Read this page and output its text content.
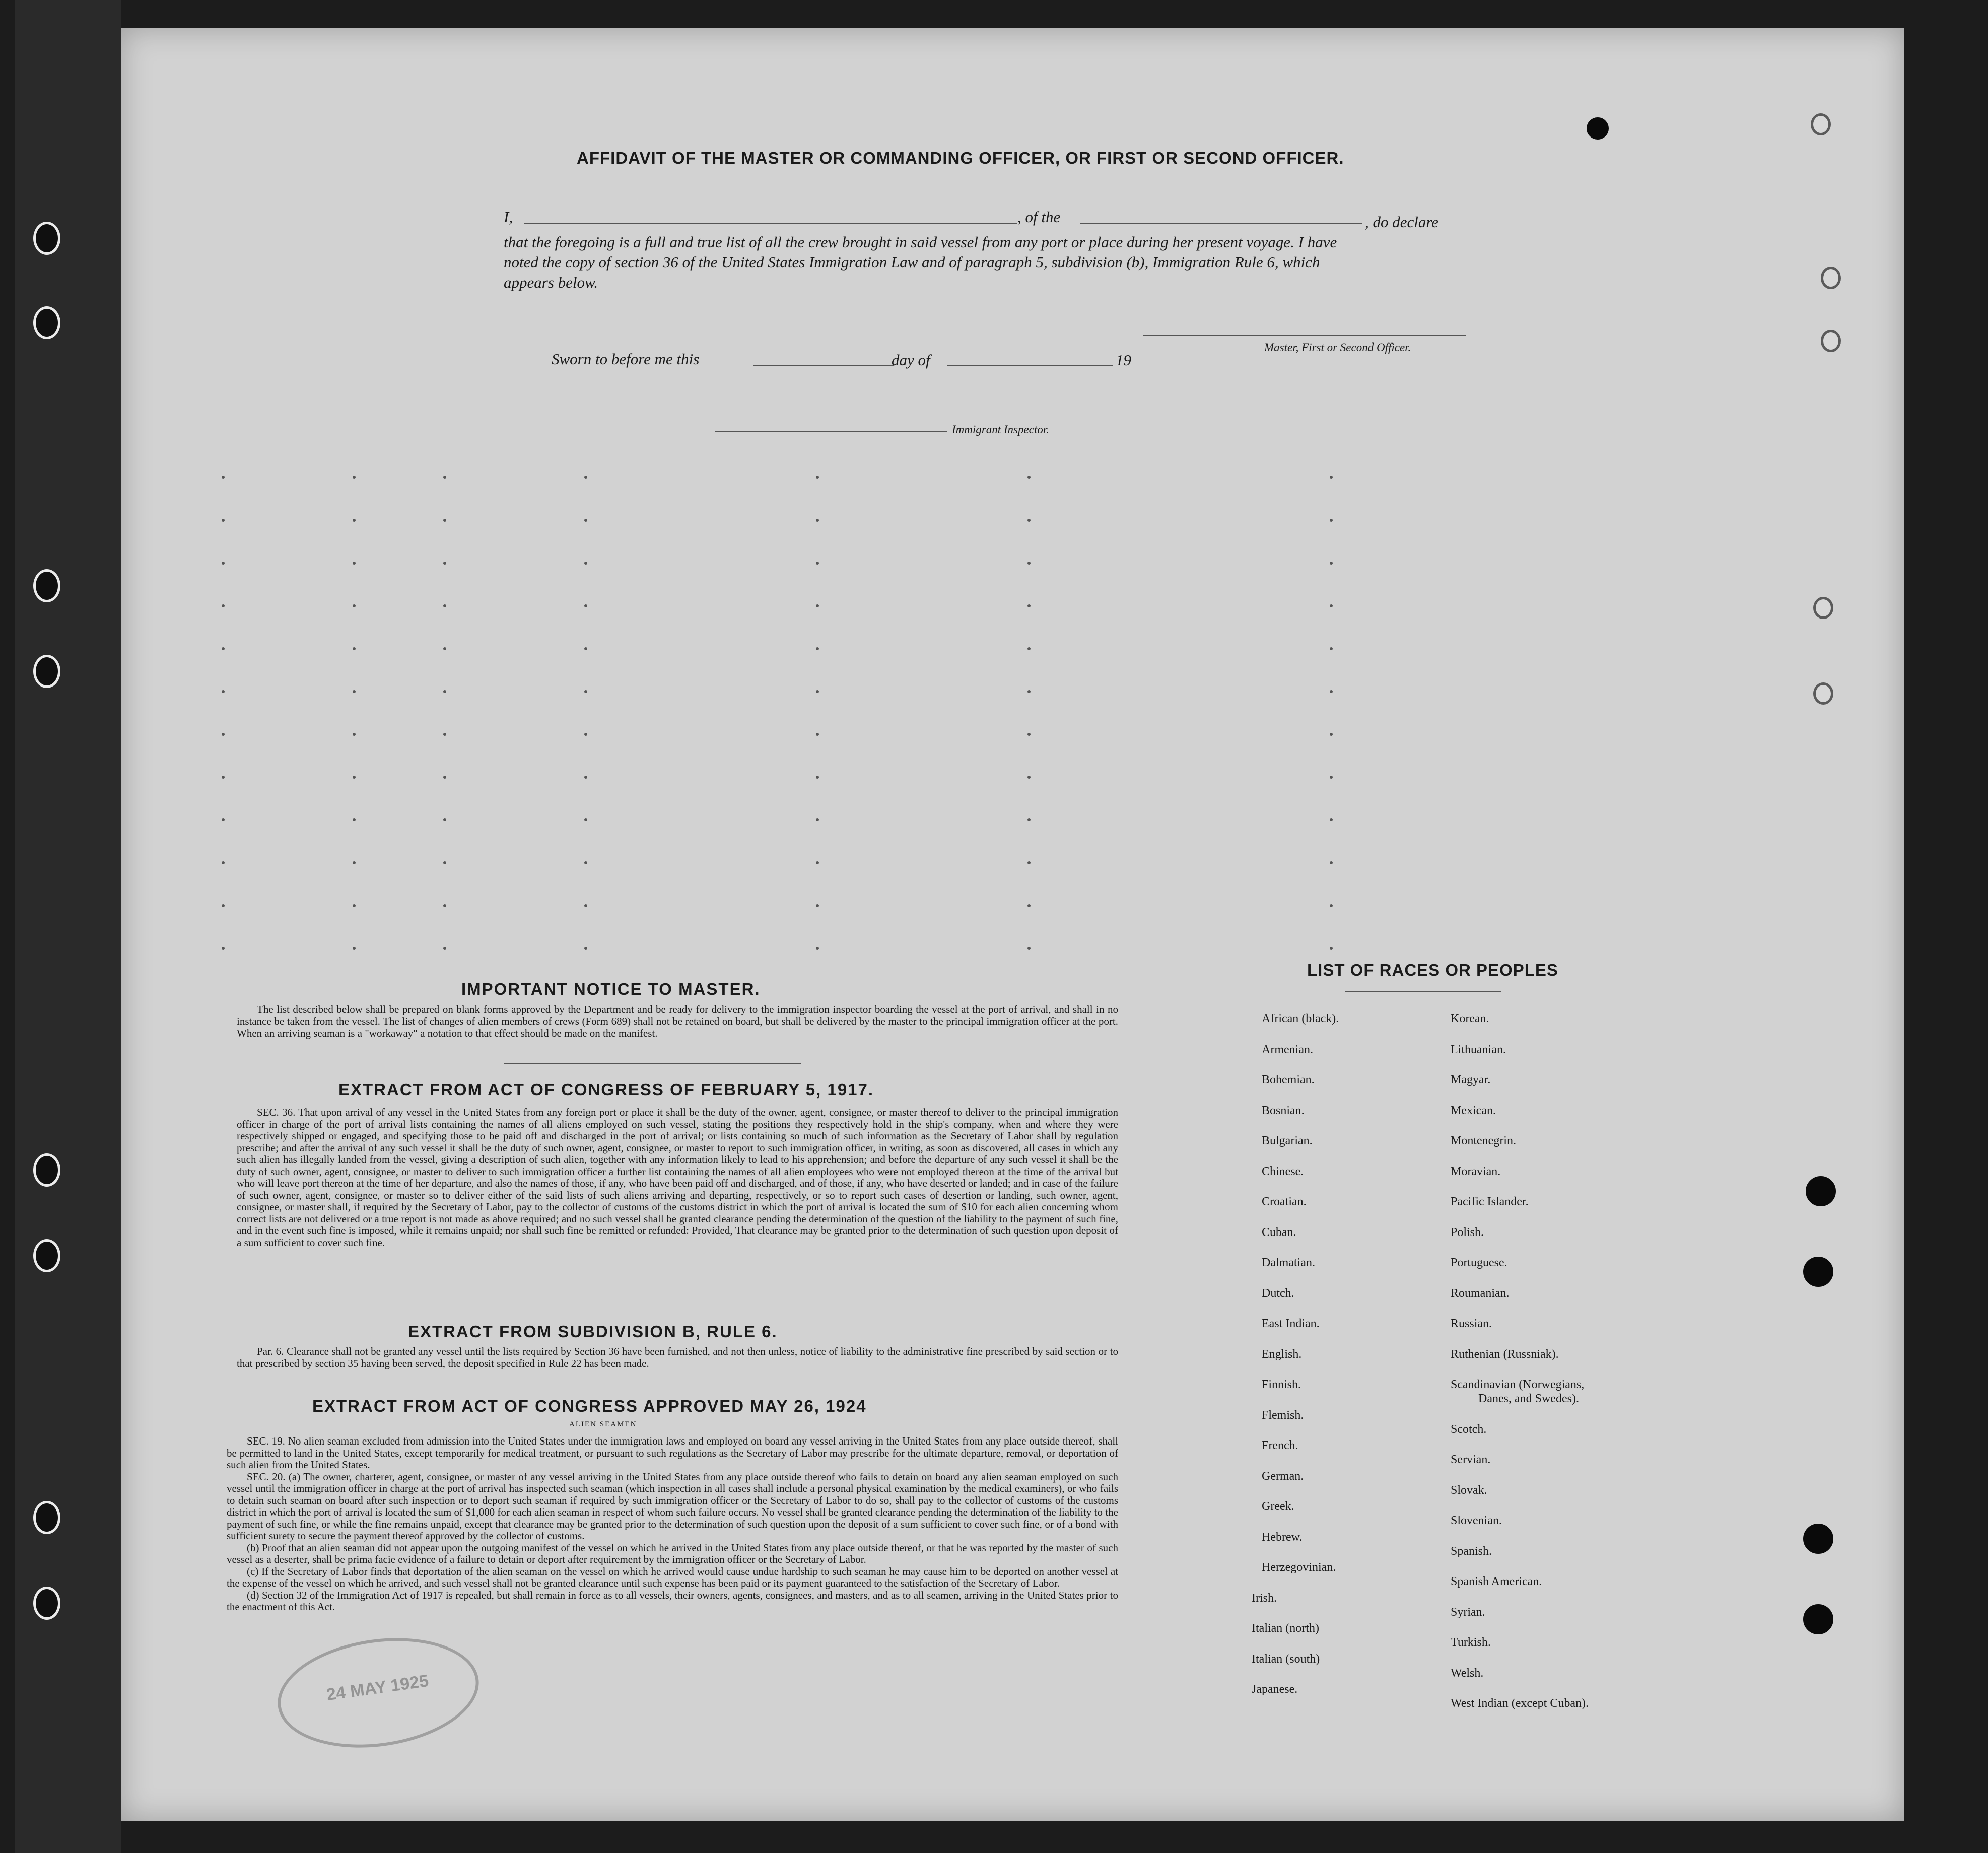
AFFIDAVIT OF THE MASTER OR COMMANDING OFFICER, OR FIRST OR SECOND OFFICER.
I,	, of the	, do declare
that the foregoing is a full and true list of all the crew brought in said vessel from any port or place during her present voyage. I have noted the copy of section 36 of the United States Immigration Law and of paragraph 5, subdivision (b), Immigration Rule 6, which appears below.
Master, First or Second Officer.
Sworn to before me this	day of	19
Immigrant Inspector.
IMPORTANT NOTICE TO MASTER.

The list described below shall be prepared on blank forms approved by the Department and be ready for delivery to the immigration inspector boarding the vessel at the port of arrival, and shall in no instance be taken from the vessel. The list of changes of alien members of crews (Form 689) shall not be retained on board, but shall be delivered by the master to the principal immigration officer at the port. When an arriving seaman is a "workaway" a notation to that effect should be made on the manifest.

EXTRACT FROM ACT OF CONGRESS OF FEBRUARY 5, 1917.

SEC. 36. That upon arrival of any vessel in the United States from any foreign port or place it shall be the duty of the owner, agent, consignee, or master thereof to deliver to the principal immigration officer in charge of the port of arrival lists containing the names of all aliens employed on such vessel, stating the positions they respectively hold in the ship's company, when and where they were respectively shipped or engaged, and specifying those to be paid off and discharged in the port of arrival; or lists containing so much of such information as the Secretary of Labor shall by regulation prescribe; and after the arrival of any such vessel it shall be the duty of such owner, agent, consignee, or master to report to such immigration officer, in writing, as soon as discovered, all cases in which any such alien has illegally landed from the vessel, giving a description of such alien, together with any information likely to lead to his apprehension; and before the departure of any such vessel it shall be the duty of such owner, agent, consignee, or master to deliver to such immigration officer a further list containing the names of all alien employees who were not employed thereon at the time of the arrival but who will leave port thereon at the time of her departure, and also the names of those, if any, who have been paid off and discharged, and of those, if any, who have deserted or landed; and in case of the failure of such owner, agent, consignee, or master so to deliver either of the said lists of such aliens arriving and departing, respectively, or so to report such cases of desertion or landing, such owner, agent, consignee, or master shall, if required by the Secretary of Labor, pay to the collector of customs of the customs district in which the port of arrival is located the sum of $10 for each alien concerning whom correct lists are not delivered or a true report is not made as above required; and no such vessel shall be granted clearance pending the determination of the question of the liability to the payment of such fine, and in the event such fine is imposed, while it remains unpaid; nor shall such fine be remitted or refunded: Provided, That clearance may be granted prior to the determination of such question upon deposit of a sum sufficient to cover such fine.

EXTRACT FROM SUBDIVISION B, RULE 6.

Par. 6. Clearance shall not be granted any vessel until the lists required by Section 36 have been furnished, and not then unless, notice of liability to the administrative fine prescribed by said section or to that prescribed by section 35 having been served, the deposit specified in Rule 22 has been made.

EXTRACT FROM ACT OF CONGRESS APPROVED MAY 26, 1924
ALIEN SEAMEN

SEC. 19. No alien seaman excluded from admission into the United States under the immigration laws and employed on board any vessel arriving in the United States from any place outside thereof, shall be permitted to land in the United States, except temporarily for medical treatment, or pursuant to such regulations as the Secretary of Labor may prescribe for the ultimate departure, removal, or deportation of such alien from the United States.

SEC. 20. (a) The owner, charterer, agent, consignee, or master of any vessel arriving in the United States from any place outside thereof who fails to detain on board any alien seaman employed on such vessel until the immigration officer in charge at the port of arrival has inspected such seaman (which inspection in all cases shall include a personal physical examination by the medical examiners), or who fails to detain such seaman on board after such inspection or to deport such seaman if required by such immigration officer or the Secretary of Labor to do so, shall pay to the collector of customs of the customs district in which the port of arrival is located the sum of $1,000 for each alien seaman in respect of whom such failure occurs. No vessel shall be granted clearance pending the determination of the liability to the payment of such fine, or while the fine remains unpaid, except that clearance may be granted prior to the determination of such question upon the deposit of a sum sufficient to cover such fine, or of a bond with sufficient surety to secure the payment thereof approved by the collector of customs.

(b) Proof that an alien seaman did not appear upon the outgoing manifest of the vessel on which he arrived in the United States from any place outside thereof, or that he was reported by the master of such vessel as a deserter, shall be prima facie evidence of a failure to detain or deport after requirement by the immigration officer or the Secretary of Labor.

(c) If the Secretary of Labor finds that deportation of the alien seaman on the vessel on which he arrived would cause undue hardship to such seaman he may cause him to be deported on another vessel at the expense of the vessel on which he arrived, and such vessel shall not be granted clearance until such expense has been paid or its payment guaranteed to the satisfaction of the Secretary of Labor.

(d) Section 32 of the Immigration Act of 1917 is repealed, but shall remain in force as to all vessels, their owners, agents, consignees, and masters, and as to all seamen, arriving in the United States prior to the enactment of this Act.

LIST OF RACES OR PEOPLES

24 MAY 1925
African (black).
Armenian.
Bohemian.
Bosnian.
Bulgarian.
Chinese.
Croatian.
Cuban.
Dalmatian.
Dutch.
East Indian.
English.
Finnish.
Flemish.
French.
German.
Greek.
Hebrew.
Herzegovinian.
Irish.
Italian (north)
Italian (south)
Japanese.
Korean.
Lithuanian.
Magyar.
Mexican.
Montenegrin.
Moravian.
Pacific Islander.
Polish.
Portuguese.
Roumanian.
Russian.
Ruthenian (Russniak).
Scandinavian (Norwegians,
Danes, and Swedes).
Scotch.
Servian.
Slovak.
Slovenian.
Spanish.
Spanish American.
Syrian.
Turkish.
Welsh.
West Indian (except Cuban).
